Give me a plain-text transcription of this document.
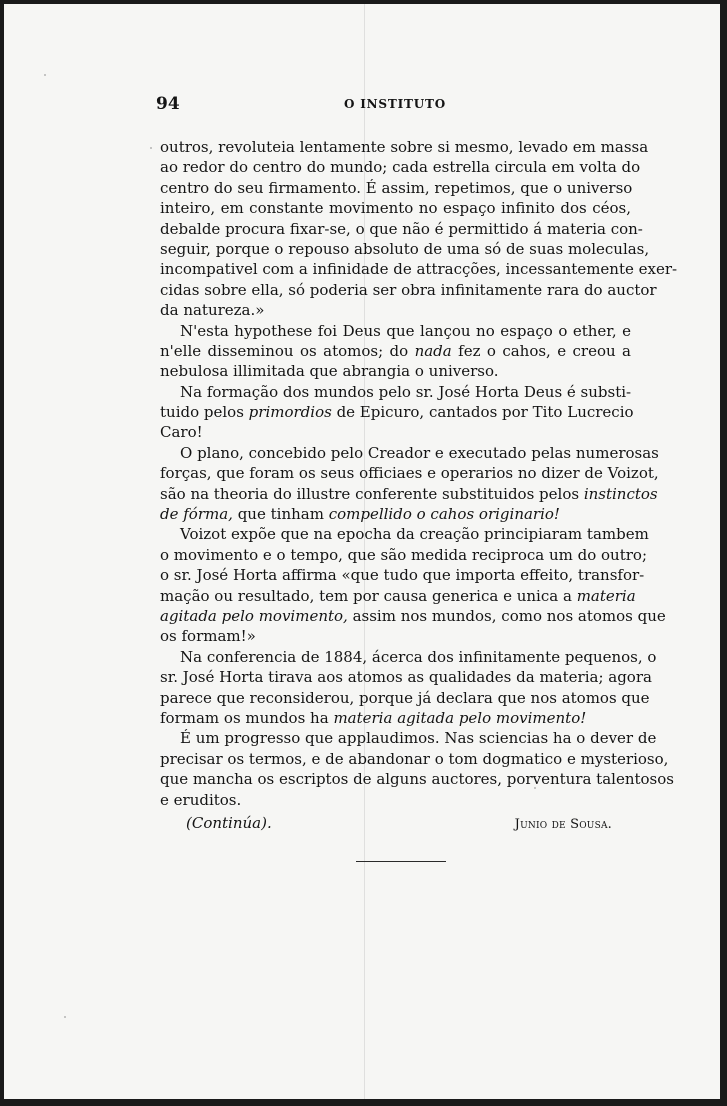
94	O INSTITUTO
outros, revoluteia lentamente sobre si mesmo, levado em massa
ao redor do centro do mundo; cada estrella circula em volta do
centro do seu firmamento. É assim, repetimos, que o universo
inteiro, em constante movimento no espaço infinito dos céos,
debalde procura fixar-se, o que não é permittido á materia con-
seguir, porque o repouso absoluto de uma só de suas moleculas,
incompativel com a infinidade de attracções, incessantemente exer-
cidas sobre ella, só poderia ser obra infinitamente rara do auctor
da natureza.»
N'esta hypothese foi Deus que lançou no espaço o ether, e
n'elle disseminou os atomos; do nada fez o cahos, e creou a
nebulosa illimitada que abrangia o universo.
Na formação dos mundos pelo sr. José Horta Deus é substi-
tuido pelos primordios de Epicuro, cantados por Tito Lucrecio
Caro!
O plano, concebido pelo Creador e executado pelas numerosas
forças, que foram os seus officiaes e operarios no dizer de Voizot,
são na theoria do illustre conferente substituidos pelos instinctos
de fórma, que tinham compellido o cahos originario!
Voizot expõe que na epocha da creação principiaram tambem
o movimento e o tempo, que são medida reciproca um do outro;
o sr. José Horta affirma «que tudo que importa effeito, transfor-
mação ou resultado, tem por causa generica e unica a materia
agitada pelo movimento, assim nos mundos, como nos atomos que
os formam!»
Na conferencia de 1884, ácerca dos infinitamente pequenos, o
sr. José Horta tirava aos atomos as qualidades da materia; agora
parece que reconsiderou, porque já declara que nos atomos que
formam os mundos ha materia agitada pelo movimento!
É um progresso que applaudimos. Nas sciencias ha o dever de
precisar os termos, e de abandonar o tom dogmatico e mysterioso,
que mancha os escriptos de alguns auctores, porventura talentosos
e eruditos.
(Continúa).	Junio de Sousa.
